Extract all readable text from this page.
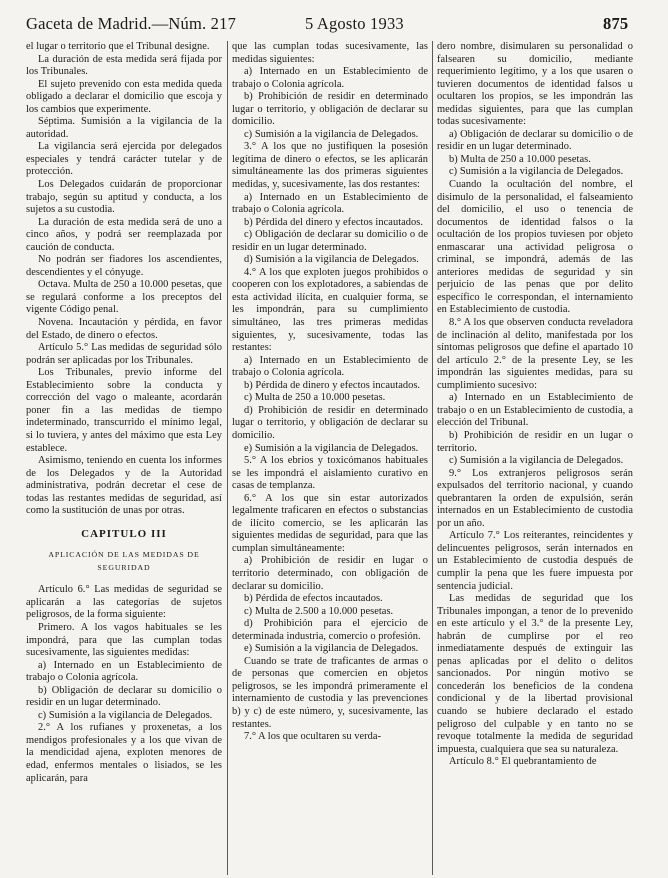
Gaceta de Madrid.—Núm. 217	5 Agosto 1933	875

el lugar o territorio que el Tribunal designe.

La duración de esta medida será fijada por los Tribunales.

El sujeto prevenido con esta medida queda obligado a declarar el domicilio que escoja y los cambios que experimente.

Séptima. Sumisión a la vigilancia de la autoridad.

La vigilancia será ejercida por delegados especiales y tendrá carácter tutelar y de protección.

Los Delegados cuidarán de proporcionar trabajo, según su aptitud y conducta, a los sujetos a su custodia.

La duración de esta medida será de uno a cinco años, y podrá ser reemplazada por caución de conducta.

No podrán ser fiadores los ascendientes, descendientes y el cónyuge.

Octava. Multa de 250 a 10.000 pesetas, que se regulará conforme a los preceptos del vigente Código penal.

Novena. Incautación y pérdida, en favor del Estado, de dinero o efectos.

Artículo 5.° Las medidas de seguridad sólo podrán ser aplicadas por los Tribunales.

Los Tribunales, previo informe del Establecimiento sobre la conducta y corrección del vago o maleante, acordarán poner fin a las medidas de tiempo indeterminado, transcurrido el mínimo legal, si lo tuviera, y antes del máximo que esta Ley establece.

Asimismo, teniendo en cuenta los informes de los Delegados y de la Autoridad administrativa, podrán decretar el cese de todas las restantes medidas de seguridad, así como la sustitución de unas por otras.

CAPITULO III

APLICACIÓN DE LAS MEDIDAS DE SEGURIDAD

Artículo 6.° Las medidas de seguridad se aplicarán a las categorías de sujetos peligrosos, de la forma siguiente:

Primero. A los vagos habituales se les impondrá, para que las cumplan todas sucesivamente, las siguientes medidas:

a) Internado en un Establecimiento de trabajo o Colonia agrícola.

b) Obligación de declarar su domicilio o residir en un lugar determinado.

c) Sumisión a la vigilancia de Delegados.

2.° A los rufianes y proxenetas, a los mendigos profesionales y a los que vivan de la mendicidad ajena, exploten menores de edad, enfermos mentales o lisiados, se les aplicarán, para

que las cumplan todas sucesivamente, las medidas siguientes:

a) Internado en un Establecimiento de trabajo o Colonia agrícola.

b) Prohibición de residir en determinado lugar o territorio, y obligación de declarar su domicilio.

c) Sumisión a la vigilancia de Delegados.

3.° A los que no justifiquen la posesión legítima de dinero o efectos, se les aplicarán simultáneamente las dos primeras siguientes medidas, y, sucesivamente, las dos restantes:

a) Internado en un Establecimiento de trabajo o Colonia agrícola.

b) Pérdida del dinero y efectos incautados.

c) Obligación de declarar su domicilio o de residir en un lugar determinado.

d) Sumisión a la vigilancia de Delegados.

4.° A los que exploten juegos prohibidos o cooperen con los explotadores, a sabiendas de esta actividad ilícita, en cualquier forma, se les impondrán, para su cumplimiento simultáneo, las tres primeras medidas siguientes, y, sucesivamente, todas las restantes:

a) Internado en un Establecimiento de trabajo o Colonia agrícola.

b) Pérdida de dinero y efectos incautados.

c) Multa de 250 a 10.000 pesetas.

d) Prohibición de residir en determinado lugar o territorio, y obligación de declarar su domicilio.

e) Sumisión a la vigilancia de Delegados.

5.° A los ebrios y toxicómanos habituales se les impondrá el aislamiento curativo en casas de templanza.

6.° A los que sin estar autorizados legalmente traficaren en efectos o substancias de ilícito comercio, se les aplicarán las siguientes medidas de seguridad, para que las cumplan simultáneamente:

a) Prohibición de residir en lugar o territorio determinado, con obligación de declarar su domicilio.

b) Pérdida de efectos incautados.

c) Multa de 2.500 a 10.000 pesetas.

d) Prohibición para el ejercicio de determinada industria, comercio o profesión.

e) Sumisión a la vigilancia de Delegados.

Cuando se trate de traficantes de armas o de personas que comercien en objetos peligrosos, se les impondrá primeramente el internamiento de custodia y las prevenciones b) y c) de este número, y, sucesivamente, las restantes.

7.° A los que ocultaren su verda-

dero nombre, disimularen su personalidad o falsearen su domicilio, mediante requerimiento legítimo, y a los que usaren o tuvieren documentos de identidad falsos u ocultaren los propios, se les impondrán las medidas siguientes, para que las cumplan todas sucesivamente:

a) Obligación de declarar su domicilio o de residir en un lugar determinado.

b) Multa de 250 a 10.000 pesetas.

c) Sumisión a la vigilancia de Delegados.

Cuando la ocultación del nombre, el disimulo de la personalidad, el falseamiento del domicilio, el uso o tenencia de documentos de identidad falsos o la ocultación de los propios tuviesen por objeto enmascarar una actividad peligrosa o criminal, se impondrá, además de las anteriores medidas de seguridad y sin perjuicio de las penas que por delito específico le correspondan, el internamiento en Establecimiento de custodia.

8.° A los que observen conducta reveladora de inclinación al delito, manifestada por los síntomas peligrosos que define el apartado 10 del artículo 2.° de la presente Ley, se les impondrán las siguientes medidas, para su cumplimiento sucesivo:

a) Internado en un Establecimiento de trabajo o en un Establecimiento de custodia, a elección del Tribunal.

b) Prohibición de residir en un lugar o territorio.

c) Sumisión a la vigilancia de Delegados.

9.° Los extranjeros peligrosos serán expulsados del territorio nacional, y cuando quebrantaren la orden de expulsión, serán internados en un Establecimiento de custodia por un año.

Artículo 7.° Los reiterantes, reincidentes y delincuentes peligrosos, serán internados en un Establecimiento de custodia después de cumplir la pena que les fuere impuesta por sentencia judicial.

Las medidas de seguridad que los Tribunales impongan, a tenor de lo prevenido en este artículo y el 3.° de la presente Ley, habrán de cumplirse por el reo inmediatamente después de extinguir las penas aplicadas por el delito o delitos sancionados. Por ningún motivo se concederán los beneficios de la condena condicional y de la libertad provisional cuando se hubiere declarado el estado peligroso del culpable y en tanto no se revoque totalmente la medida de seguridad impuesta, cualquiera que sea su naturaleza.

Artículo 8.° El quebrantamiento de
